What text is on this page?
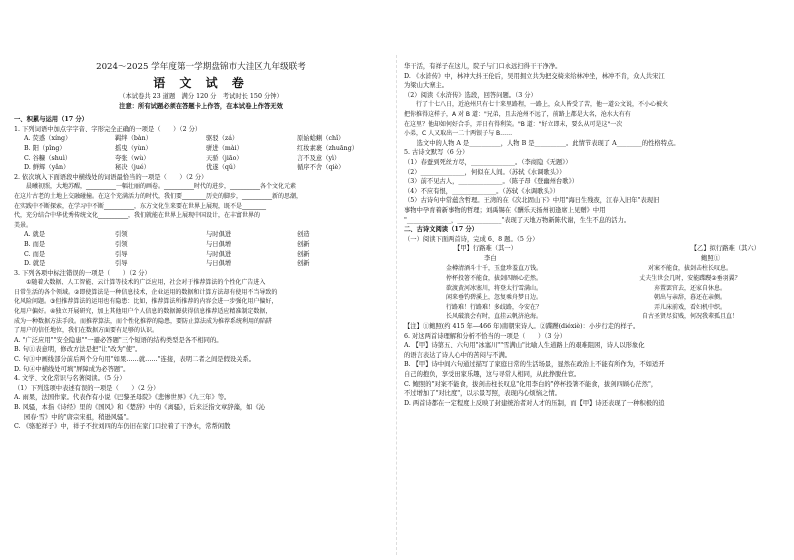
2024～2025 学年度第一学期盘锦市大洼区九年级联考
语 文 试 卷
（本试卷共 23 道题　满分 120 分　考试时长 150 分钟）
注意：所有试题必须在答题卡上作答，在本试卷上作答无效
一、积累与运用（17 分）
1. 下列词语中加点字字音、字形完全正确的一项是（　　）（2 分）
A. 荧惑（xíng）	羁绊（bàn）	驱驳（zá）	原始蛤蜊（chǐ）
B. 阳（pǐng）	摇曳（yùn）	骈进（mài）	红妆素裹（zhuāng）
C. 谷糠（shuì）	夸张（wù）	天骄（jiāo）	言不及意（yì）
D. 鲜辉（yǎn）	秘决（jué）	优遂（qǔ）	循序不舍（qiè）
2. 依次填入下面语段中横线处的词语最恰当的一项是（　　）（2 分）
　　晨曦初照，大地苏醒，__________一幅壮丽的画卷。__________时代的进步，__________各个文化元素
在这片古老的土地上交融碰撞。在这个充满活力的时代，我们要________历史的脚步，__________新的思潮，
在实践中不断探索，在学习中不断__________，东方文化生来要在世界上展现，既不是________
代，充分结合中华优秀传统文化__________，我们就能在世界上展现中国设计，在丰富世界的
美景。
A. 就是	引领	与时俱进	创造
B. 而是	引领	与日俱增	创新
C. 而是	引导	与时俱进	创新
D. 就是	引导	与日俱增	创新
3. 下列各项中标注错误的一项是（　　）（2 分）
　　①随着大数据、人工智能、云计算等技术的广泛应用，社会对于推荐算法的个性化广告进入
日常生活的各个领域。②即使算法是一种信息技术，企业运用的数据和计算方法却有使用不当导致的
化风险问题。③但推荐算法的运用也有隐患：比如，推荐算法所推荐的内容会进一步强化用户偏好，
化用户偏好。④独立开展研究，加上其他用户个人信息的数据源获得信息推荐适应精准制定数据，
成为一种数据方法手段。而推荐算法，而个性化推荐的隐患，要防止算法成为推荐系统利用的陷阱
了用户的信任地位，我们在数据方面要有足够的认识。
A. "广泛应用""安全隐患""一避必答题"三个短语的结构类型是各不相同的。
B. 句①表意明，修改方法是把"让"改为"使"。
C. 句③中画线部分前后两个分句用"如果……就……"连接，表明二者之间是假设关系。
D. 句④中横线处可填"屏障成为必答题"。
4. 文学、文化常识与名著阅读。（5 分）
（1）下列选项中表述有误的一项是（　　）（2 分）
A. 雨果，法国作家。代表作有小说《巴黎圣母院》《悲惨世界》《九三年》等。
B. 风骚，本指《诗经》里的《国风》和《楚辞》中的《离骚》，后来泛指文章辞藻，如《沁
园春·雪》中的"唐宗宋祖，稍逊风骚"。
C. 《骆驼祥子》中，祥子不拉刘四的车仍旧在家门口拉着了干净水，常帮闲散
华干活，有祥子在这儿，院子与门口永远扫得干干净净。
D. 《水浒传》中，林冲大抖王伦后，吴用拥立共为把交椅来给林冲坐，林冲不肯，众人共宋江
为梁山大寨主。
（2）阅读《水浒传》选段，回答问题。（3 分）
　　行了十七八日，近沧州只有七十来里路程，一路上，众人皆受了苦，他一道公文说，不小心被火
把你推得这样子，A 对 B 道："兄弟，且去沧州不远了，前路上都是大名，沧水大有有
在这里？他却如何好合手，弄日有得利笑。"B 道："好立即未，要么从可是这"一次
小弟，C 人又取出一二十两银子与 B……
　　选文中的人物 A 是__________，人物 B 是__________。此情节表现了 A________的性格特点。
5. 古诗文默写（6 分）
（1）春蚕到死丝方尽，______________。（李商隐《无题》）
（2）______________，何似在人间。（苏轼《水调歌头》）
（3）前不见古人，______________。（陈子昂《登幽州台歌》）
（4）不应有恨，______________。（苏轼《水调歌头》）
（5）古诗句中常蕴含哲理。王湾的在《次北固山下》中用"海日生残夜，江春入旧年"表现旧
事物中孕育着新事物的哲理；刘禹锡在《酬乐天扬州初逢席上见赠》中用
"______________，______________"表现了天地万物新陈代谢，生生不息的活力。
二、古诗文阅读（17 分）
（一）阅读下面两首诗，完成 6、8 题。（5 分）
【甲】行路难（其一）	【乙】拟行路难（其六）
李白	鲍照①
金樽清酒斗十千，玉盘珍羞直万钱。
停杯投箸不能食，拔剑四顾心茫然。
欲渡黄河冰塞川，将登太行雪满山。
闲来垂钓碧溪上，忽复乘舟梦日边。
行路难！行路难！多歧路，今安在？
长风破浪会有时，直挂云帆济沧海。
对案不能食，拔剑击柱长叹息。
丈夫生世会几时，安能蹀躞②垂羽翼？
弃置罢官去，还家自休息。
朝出与亲辞，暮还在亲侧。
弄儿床前戏，看妇机中织。
自古圣贤尽贫贱，何况我辈孤且直！
【注】①鲍照(约 415 年—466 年)南朝宋诗人。②蹀躞(diéxiè)：小步行走的样子。
6. 对这两首诗理解和分析不恰当的一项是（　　）（3 分）
A. 【甲】诗第五、六句用"冰塞川""雪满山"比喻人生道路上的艰难阻困，诗人以形象化
的语言表达了诗人心中的苦闷与不满。
B. 【甲】诗中间六句通过描写了家庭日常的生活场景，显然在政治上不能有所作为，不如适开
自己的抱负，享受田家乐趣，这与寻常人相同，从此挣脱仕宦。
C. 鲍照的"对案不能食，拔剑击柱长叹息"化用李白的"停杯投箸不能食，拔剑四顾心茫然"，
不过增加了"对比度"，以示景写照，表现内心烦恼之情。
D. 两首诗都在一定程度上反映了封建统治者对人才的压制，而【甲】诗还表现了一种积极的追
